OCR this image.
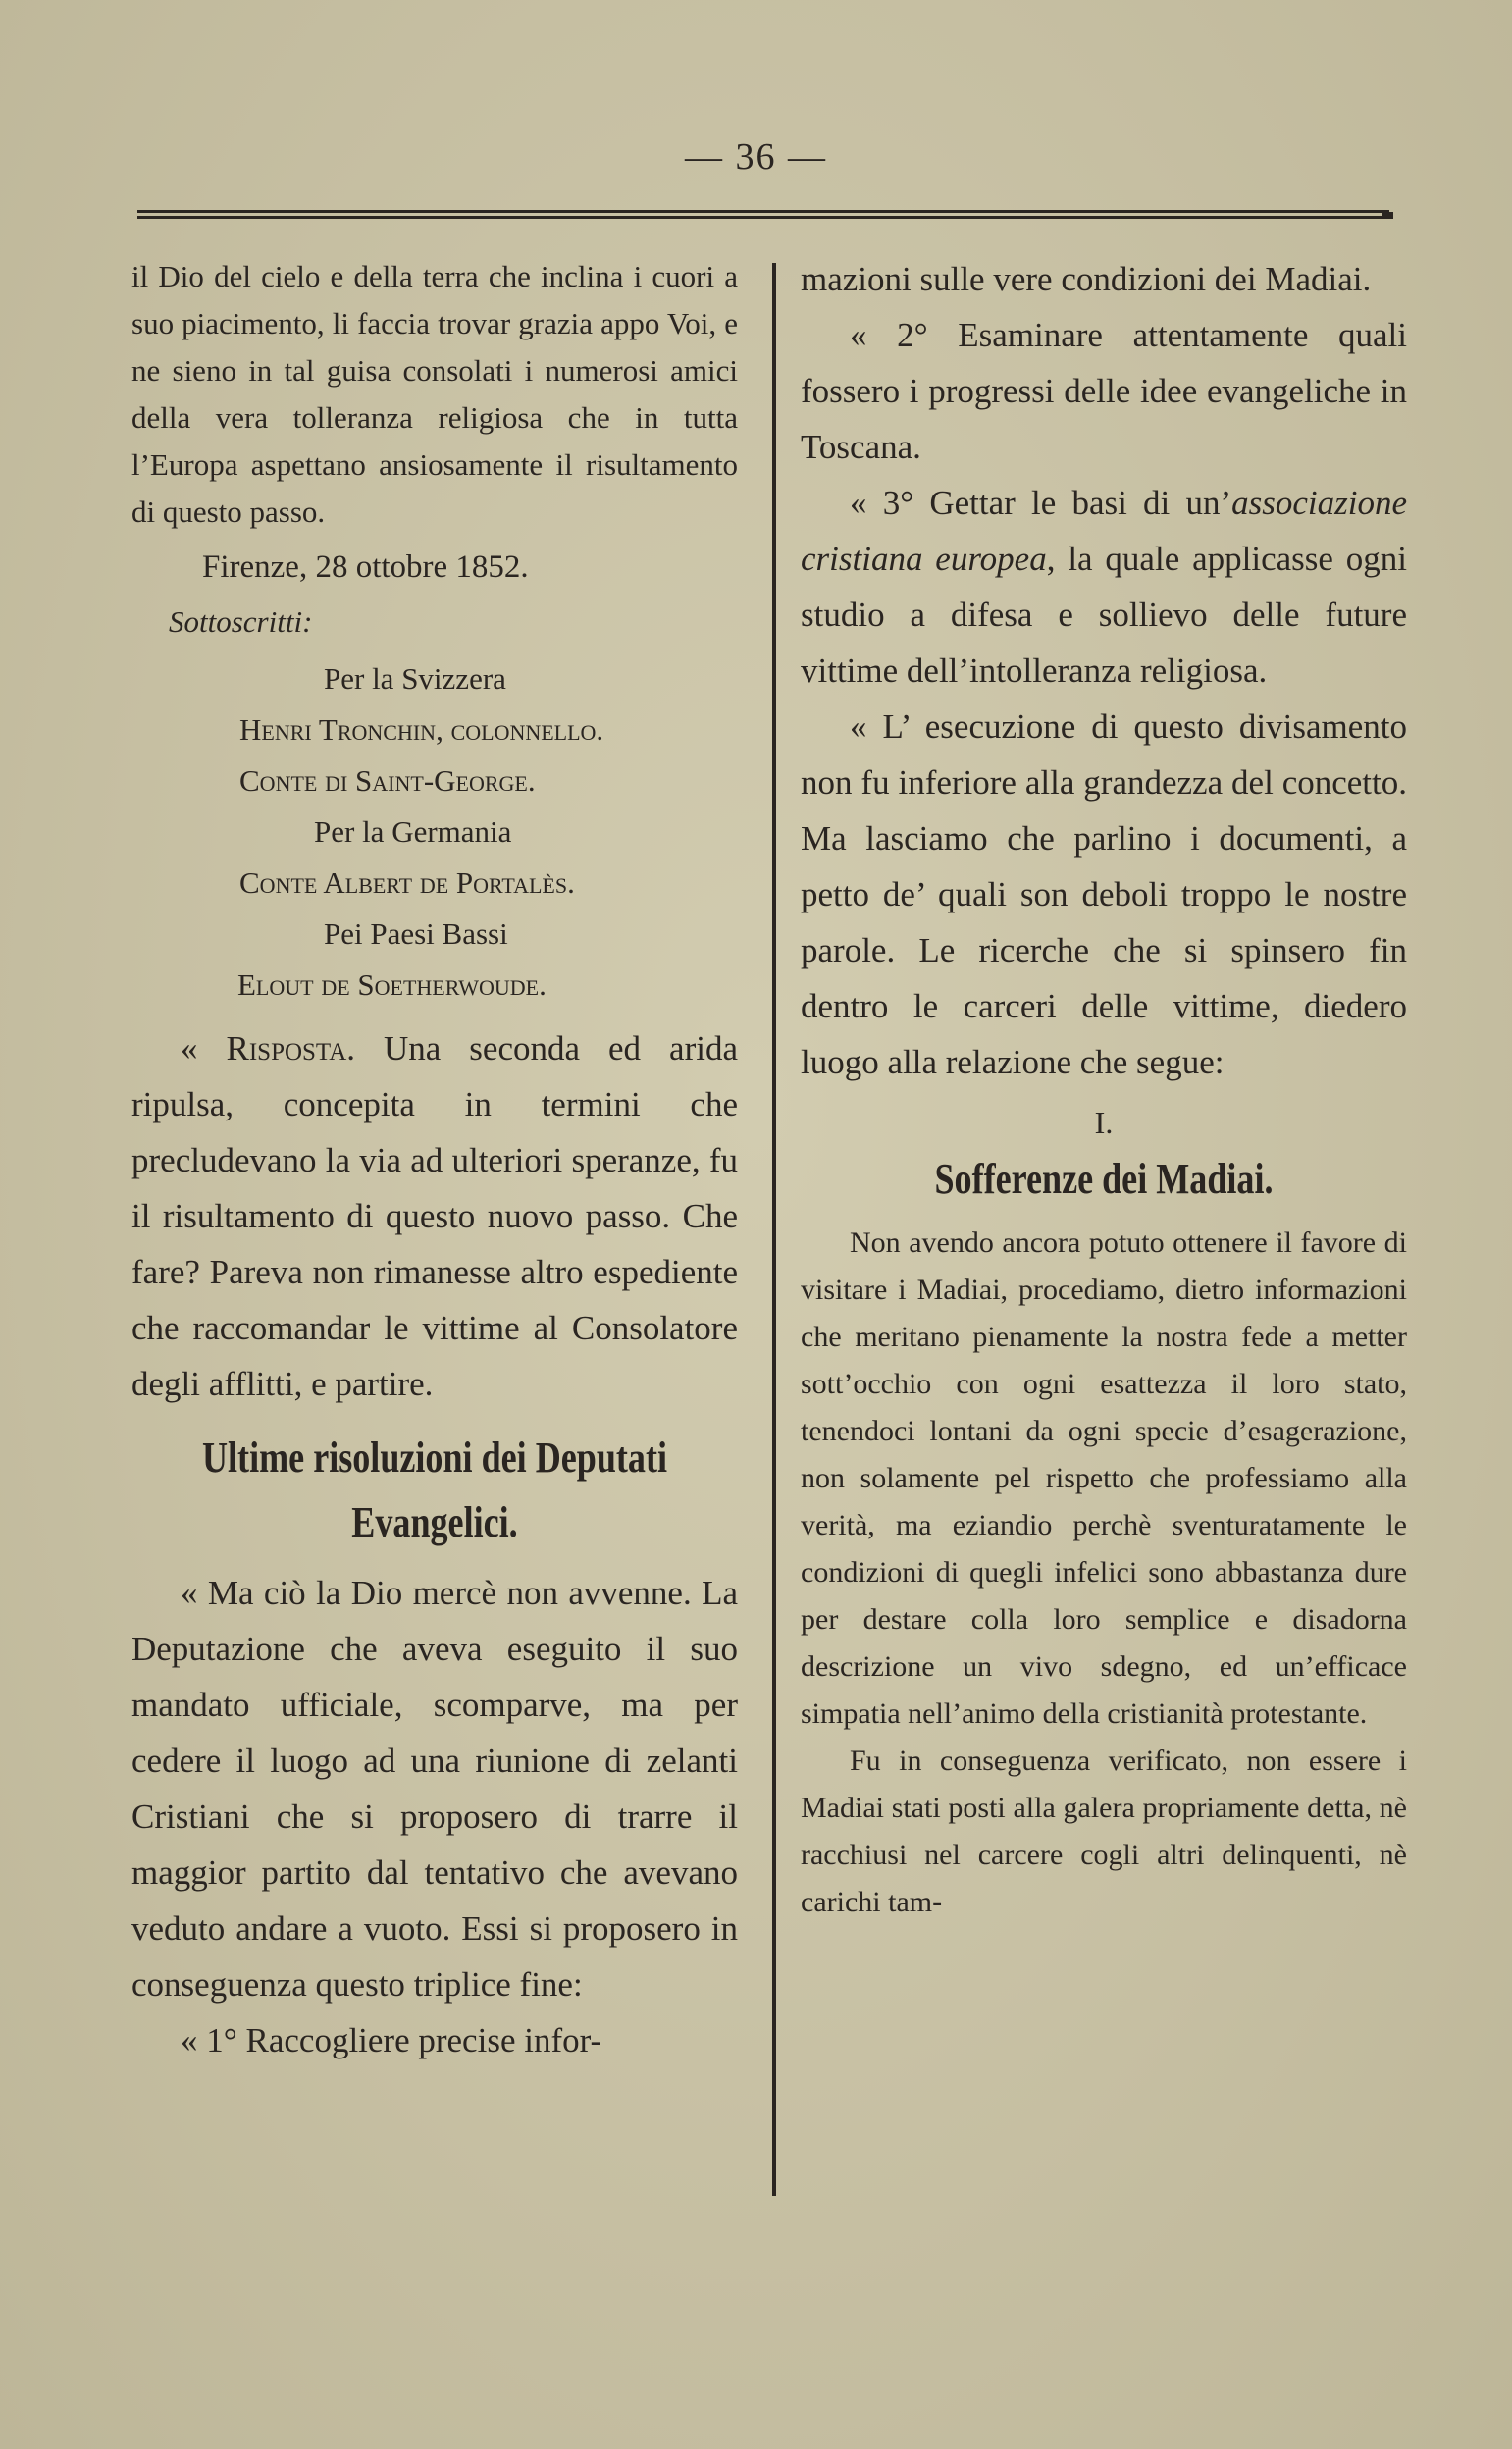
— 36 —

il Dio del cielo e della terra che inclina i cuori a suo piacimento, li faccia trovar grazia appo Voi, e ne sieno in tal guisa consolati i numerosi amici della vera tolleranza religiosa che in tutta l’Europa aspettano ansiosamente il risultamento di questo passo.

Firenze, 28 ottobre 1852.

Sottoscritti:

Per la Svizzera

Henri Tronchin, colonnello.

Conte di Saint-George.

Per la Germania

Conte Albert de Portalès.

Pei Paesi Bassi

Elout de Soetherwoude.

« Risposta. Una seconda ed arida ripulsa, concepita in termini che precludevano la via ad ulteriori speranze, fu il risultamento di questo nuovo passo. Che fare? Pareva non rimanesse altro espediente che raccomandar le vittime al Consolatore degli afflitti, e partire.

Ultime risoluzioni dei Deputati
Evangelici.

« Ma ciò la Dio mercè non avvenne. La Deputazione che aveva eseguito il suo mandato ufficiale, scomparve, ma per cedere il luogo ad una riunione di zelanti Cristiani che si proposero di trarre il maggior partito dal tentativo che avevano veduto andare a vuoto. Essi si proposero in conseguenza questo triplice fine:

« 1° Raccogliere precise infor-

mazioni sulle vere condizioni dei Madiai.

« 2° Esaminare attentamente quali fossero i progressi delle idee evangeliche in Toscana.

« 3° Gettar le basi di un’associazione cristiana europea, la quale applicasse ogni studio a difesa e sollievo delle future vittime dell’intolleranza religiosa.

« L’ esecuzione di questo divisamento non fu inferiore alla grandezza del concetto. Ma lasciamo che parlino i documenti, a petto de’ quali son deboli troppo le nostre parole. Le ricerche che si spinsero fin dentro le carceri delle vittime, diedero luogo alla relazione che segue:

I.
Sofferenze dei Madiai.

Non avendo ancora potuto ottenere il favore di visitare i Madiai, procediamo, dietro informazioni che meritano pienamente la nostra fede a metter sott’occhio con ogni esattezza il loro stato, tenendoci lontani da ogni specie d’esagerazione, non solamente pel rispetto che professiamo alla verità, ma eziandio perchè sventuratamente le condizioni di quegli infelici sono abbastanza dure per destare colla loro semplice e disadorna descrizione un vivo sdegno, ed un’efficace simpatia nell’animo della cristianità protestante.

Fu in conseguenza verificato, non essere i Madiai stati posti alla galera propriamente detta, nè racchiusi nel carcere cogli altri delinquenti, nè carichi tam-
